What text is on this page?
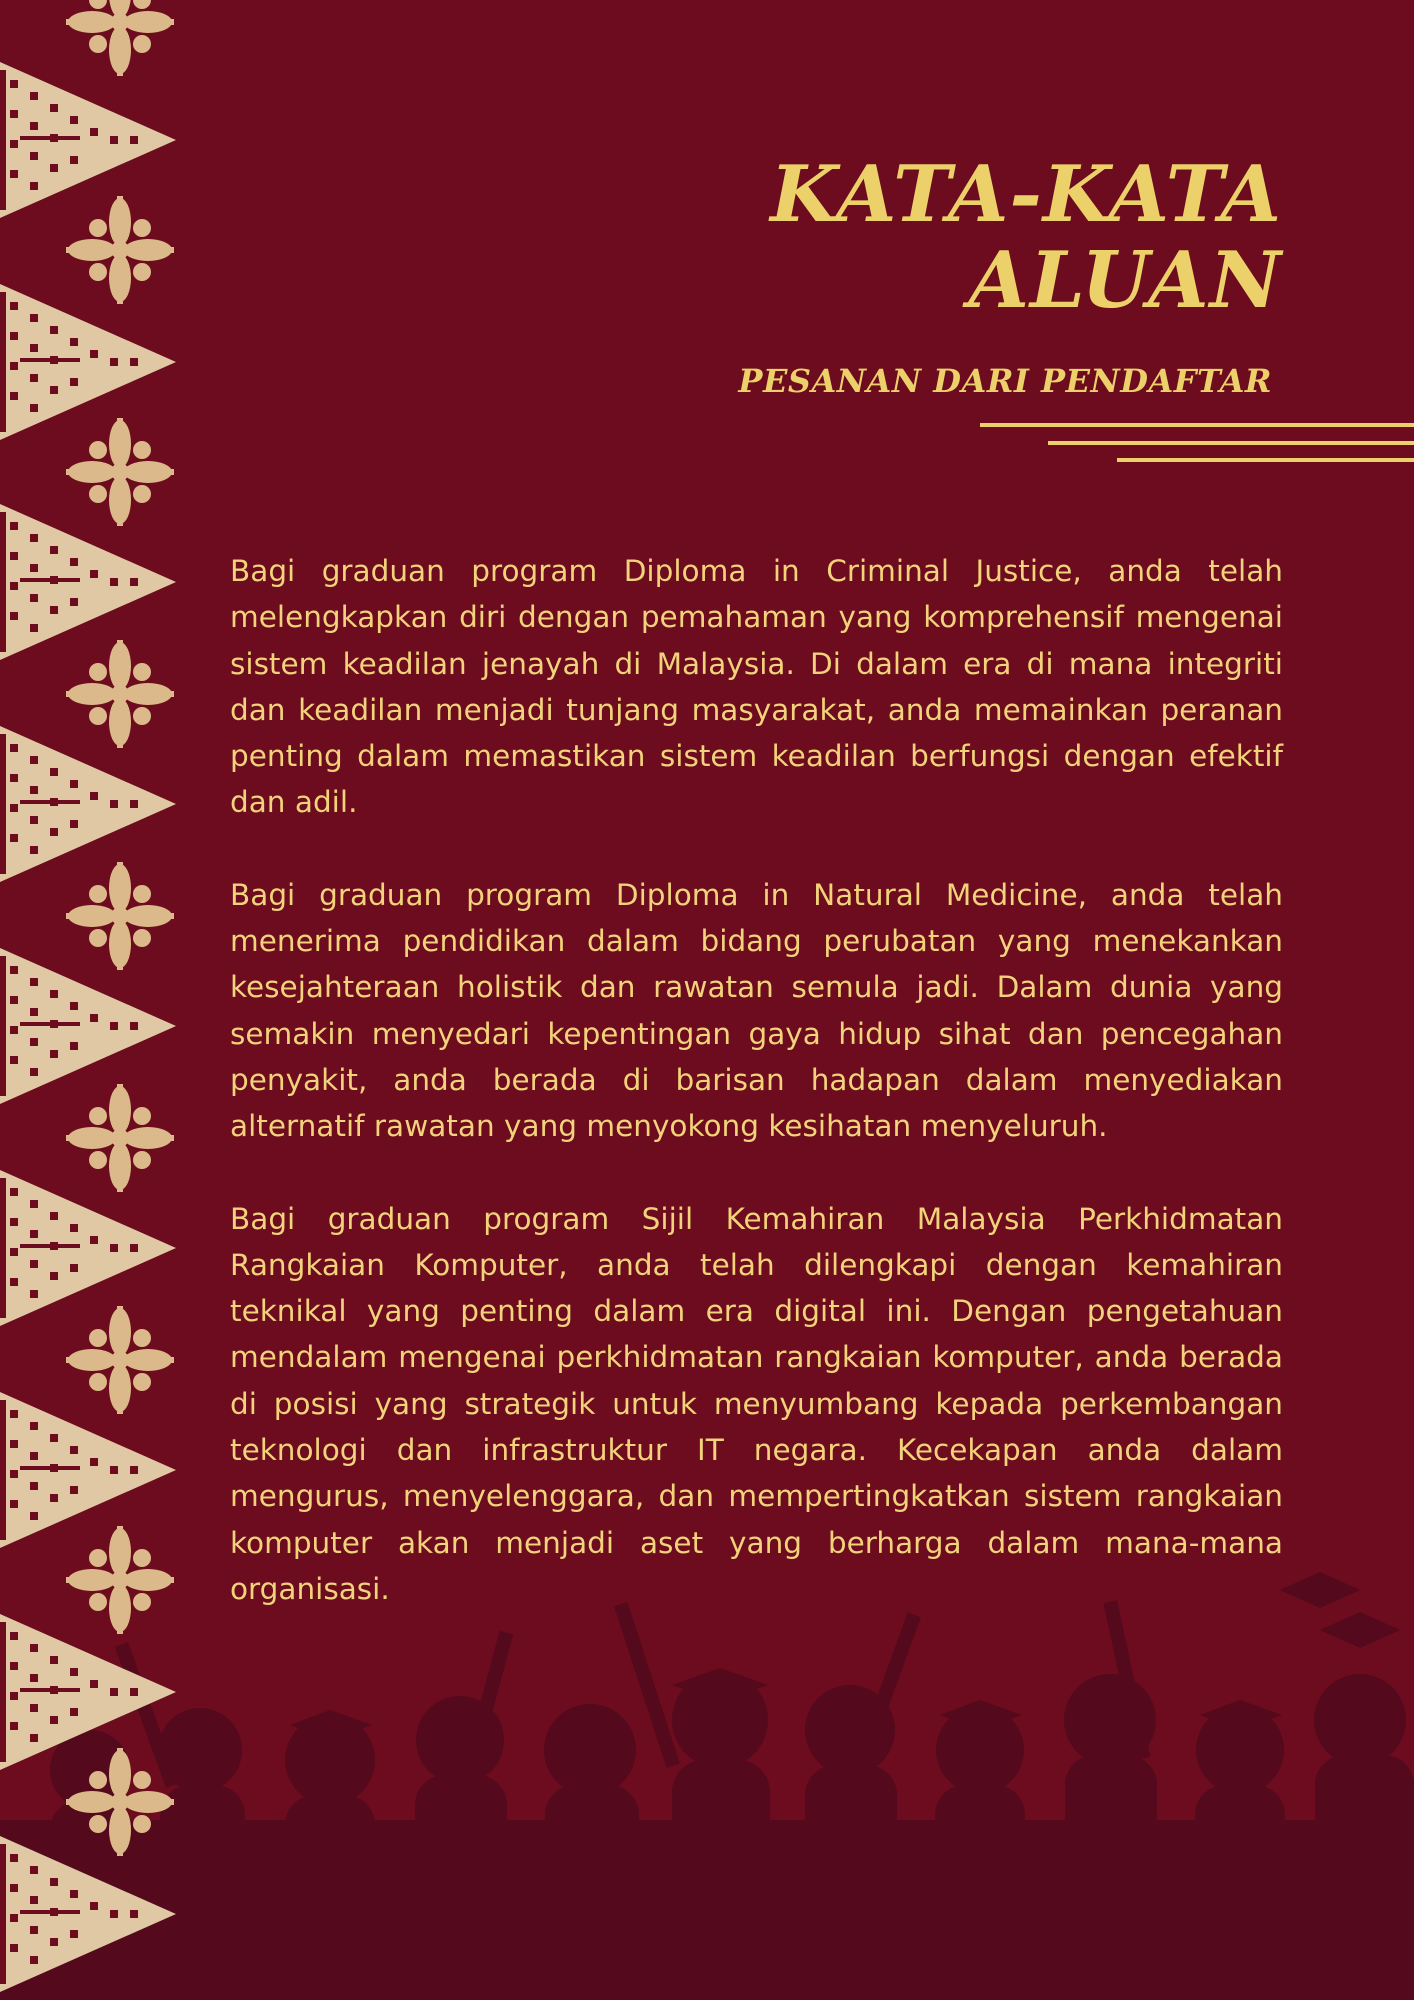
KATA-KATA
ALUAN
PESANAN DARI PENDAFTAR

Bagi graduan program Diploma in Criminal Justice, anda telah melengkapkan diri dengan pemahaman yang komprehensif mengenai sistem keadilan jenayah di Malaysia. Di dalam era di mana integriti dan keadilan menjadi tunjang masyarakat, anda memainkan peranan penting dalam memastikan sistem keadilan berfungsi dengan efektif dan adil.

Bagi graduan program Diploma in Natural Medicine, anda telah menerima pendidikan dalam bidang perubatan yang menekankan kesejahteraan holistik dan rawatan semula jadi. Dalam dunia yang semakin menyedari kepentingan gaya hidup sihat dan pencegahan penyakit, anda berada di barisan hadapan dalam menyediakan alternatif rawatan yang menyokong kesihatan menyeluruh.

Bagi graduan program Sijil Kemahiran Malaysia Perkhidmatan Rangkaian Komputer, anda telah dilengkapi dengan kemahiran teknikal yang penting dalam era digital ini. Dengan pengetahuan mendalam mengenai perkhidmatan rangkaian komputer, anda berada di posisi yang strategik untuk menyumbang kepada perkembangan teknologi dan infrastruktur IT negara. Kecekapan anda dalam mengurus, menyelenggara, dan mempertingkatkan sistem rangkaian komputer akan menjadi aset yang berharga dalam mana-mana organisasi.
